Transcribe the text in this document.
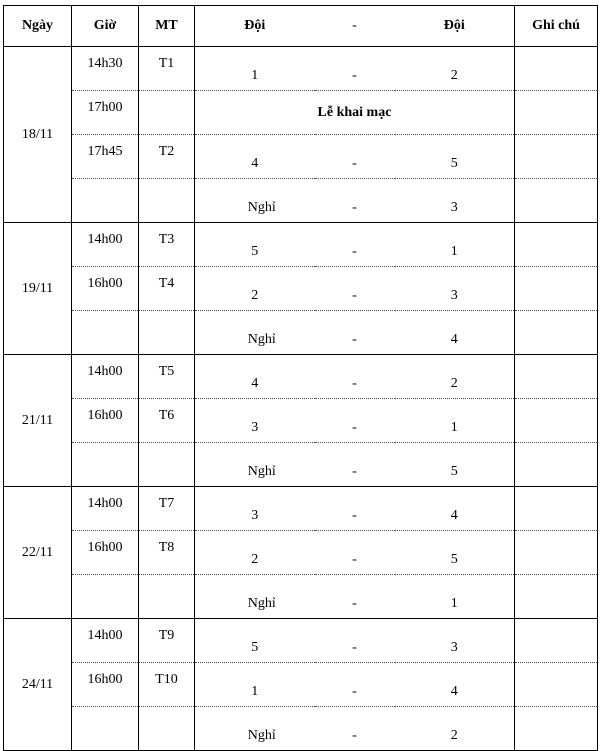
Ngày	Giờ	MT	Đội	-	Đội	Ghi chú
18/11	14h30	T1	1	-	2	
	17h00		Lễ khai mạc			
	17h45	T2	4	-	5	
			Nghỉ	-	3	
19/11	14h00	T3	5	-	1	
	16h00	T4	2	-	3	
			Nghỉ	-	4	
21/11	14h00	T5	4	-	2	
	16h00	T6	3	-	1	
			Nghỉ	-	5	
22/11	14h00	T7	3	-	4	
	16h00	T8	2	-	5	
			Nghỉ	-	1	
24/11	14h00	T9	5	-	3	
	16h00	T10	1	-	4	
			Nghỉ	-	2	
